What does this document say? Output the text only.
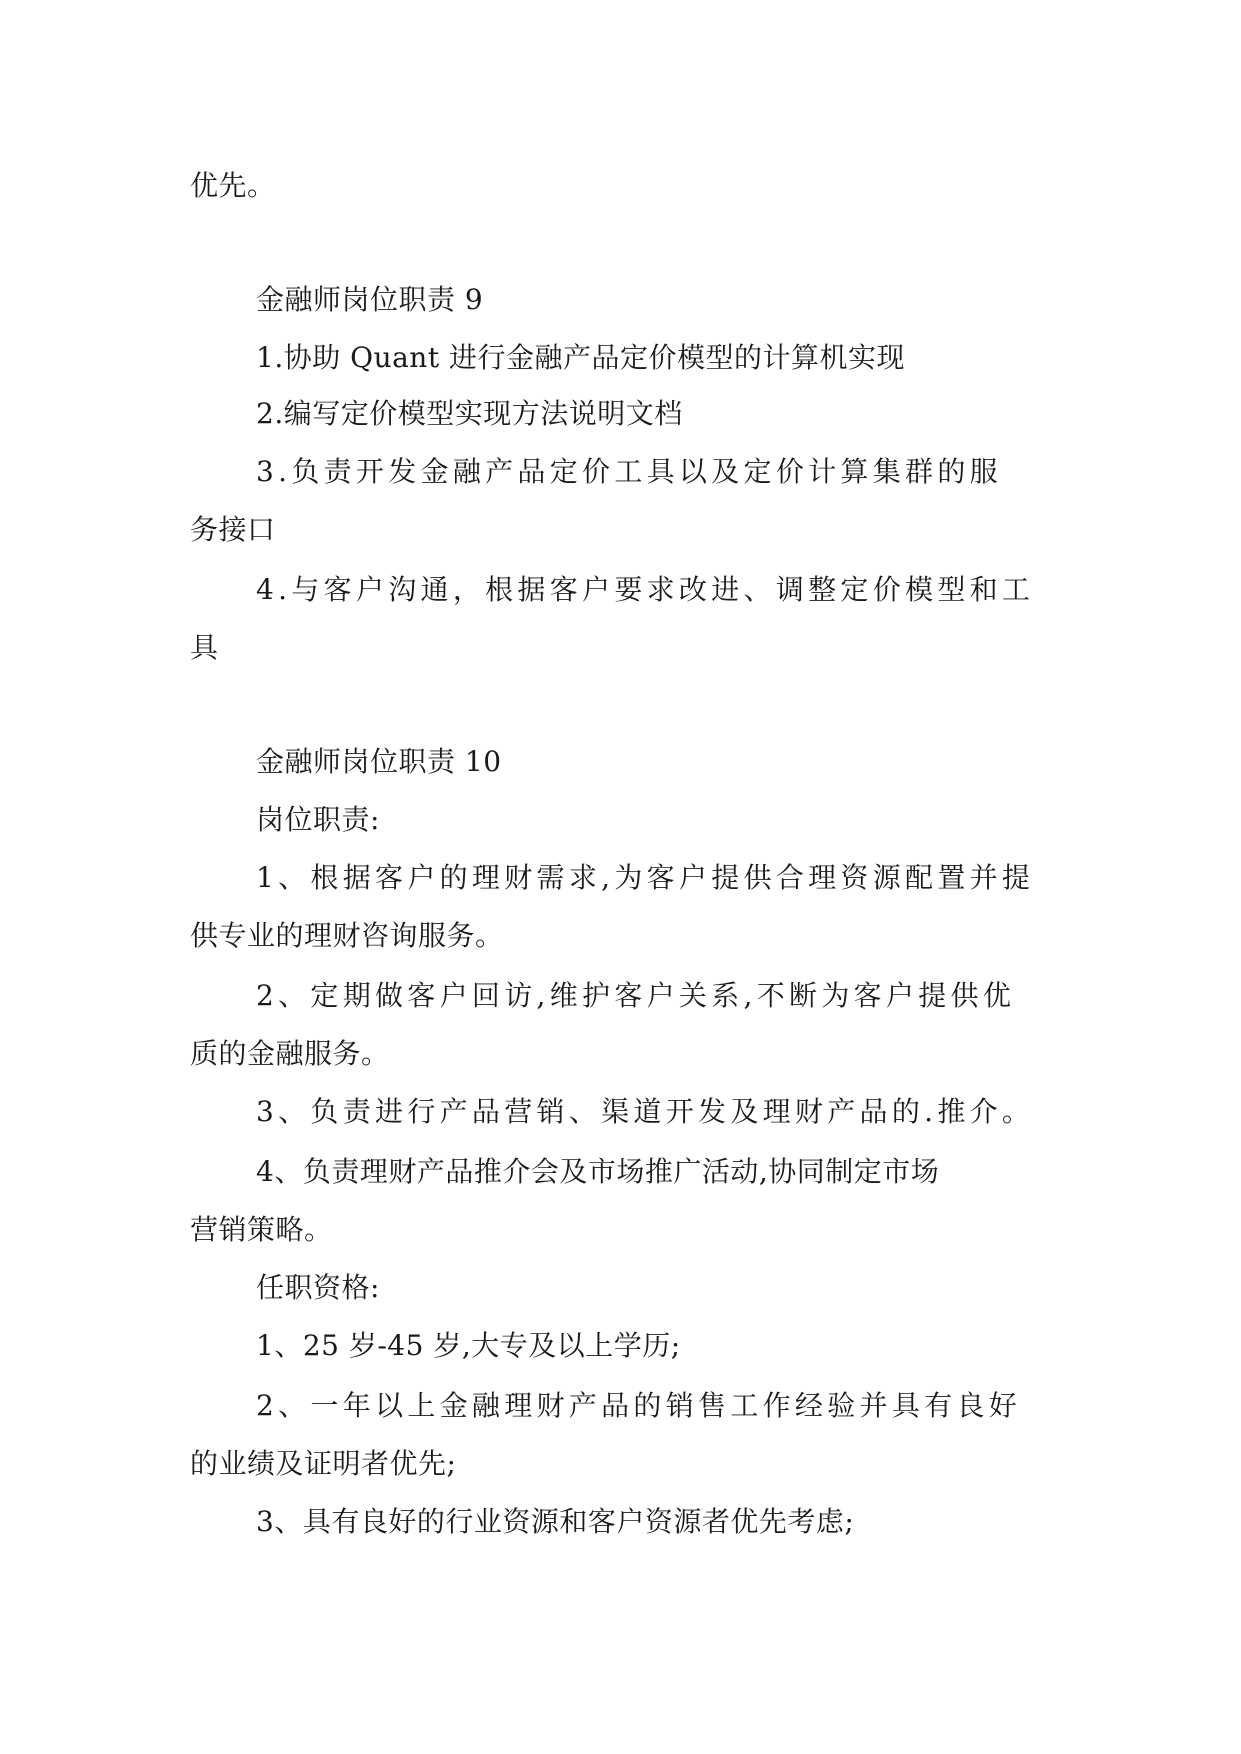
优先。

金融师岗位职责 9

1.协助 Quant 进行金融产品定价模型的计算机实现

2.编写定价模型实现方法说明文档

3.负责开发金融产品定价工具以及定价计算集群的服

务接口

4.与客户沟通，根据客户要求改进、调整定价模型和工

具

金融师岗位职责 10

岗位职责:

1、根据客户的理财需求,为客户提供合理资源配置并提

供专业的理财咨询服务。

2、定期做客户回访,维护客户关系,不断为客户提供优

质的金融服务。

3、负责进行产品营销、渠道开发及理财产品的.推介。

4、负责理财产品推介会及市场推广活动,协同制定市场

营销策略。

任职资格:

1、25 岁-45 岁,大专及以上学历;

2、一年以上金融理财产品的销售工作经验并具有良好

的业绩及证明者优先;

3、具有良好的行业资源和客户资源者优先考虑;
